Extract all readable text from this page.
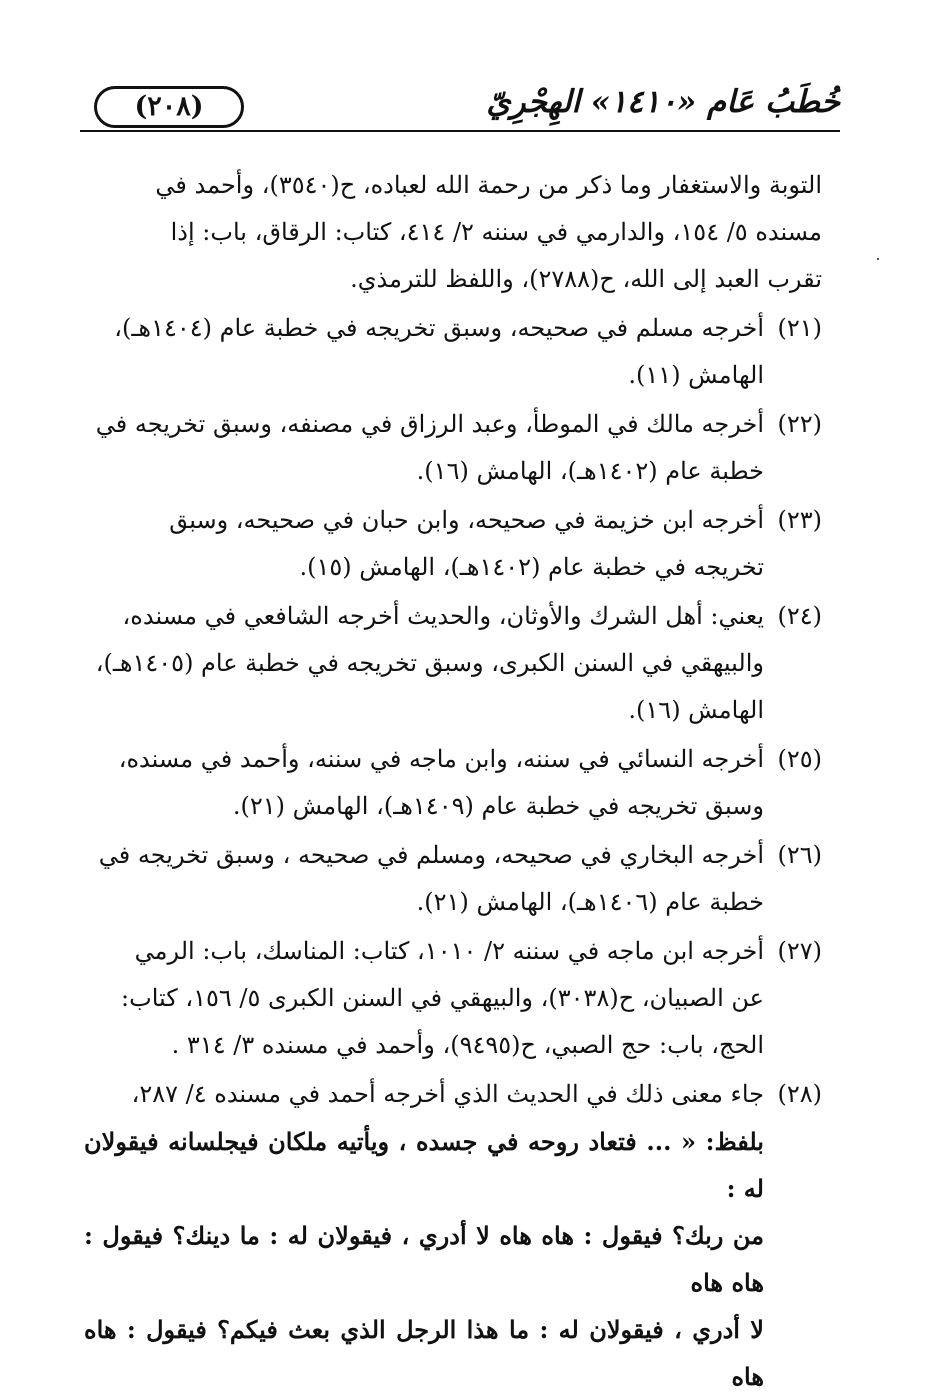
(٢٠٨)	خُطَبُ عَام «١٤١٠» الهِجْرِيّ

التوبة والاستغفار وما ذكر من رحمة الله لعباده، ح(٣٥٤٠)، وأحمد في

مسنده ٥/ ١٥٤، والدارمي في سننه ٢/ ٤١٤، كتاب: الرقاق، باب: إذا

تقرب العبد إلى الله، ح(٢٧٨٨)، واللفظ للترمذي.

(٢١)

أخرجه مسلم في صحيحه، وسبق تخريجه في خطبة عام (١٤٠٤هـ)،

الهامش (١١).

(٢٢)

أخرجه مالك في الموطأ، وعبد الرزاق في مصنفه، وسبق تخريجه في

خطبة عام (١٤٠٢هـ)، الهامش (١٦).

(٢٣)

أخرجه ابن خزيمة في صحيحه، وابن حبان في صحيحه، وسبق

تخريجه في خطبة عام (١٤٠٢هـ)، الهامش (١٥).

(٢٤)

يعني: أهل الشرك والأوثان، والحديث أخرجه الشافعي في مسنده،

والبيهقي في السنن الكبرى، وسبق تخريجه في خطبة عام (١٤٠٥هـ)،

الهامش (١٦).

(٢٥)

أخرجه النسائي في سننه، وابن ماجه في سننه، وأحمد في مسنده،

وسبق تخريجه في خطبة عام (١٤٠٩هـ)، الهامش (٢١).

(٢٦)

أخرجه البخاري في صحيحه، ومسلم في صحيحه ، وسبق تخريجه في

خطبة عام (١٤٠٦هـ)، الهامش (٢١).

(٢٧)

أخرجه ابن ماجه في سننه ٢/ ١٠١٠، كتاب: المناسك، باب: الرمي

عن الصبيان، ح(٣٠٣٨)، والبيهقي في السنن الكبرى ٥/ ١٥٦، كتاب:

الحج، باب: حج الصبي، ح(٩٤٩٥)، وأحمد في مسنده ٣/ ٣١٤ .

(٢٨)

جاء معنى ذلك في الحديث الذي أخرجه أحمد في مسنده ٤/ ٢٨٧،

بلفظ: « ... فتعاد روحه في جسده ، ويأتيه ملكان فيجلسانه فيقولان له :

من ربك؟ فيقول : هاه هاه لا أدري ، فيقولان له : ما دينك؟ فيقول : هاه هاه

لا أدري ، فيقولان له : ما هذا الرجل الذي بعث فيكم؟ فيقول : هاه هاه
